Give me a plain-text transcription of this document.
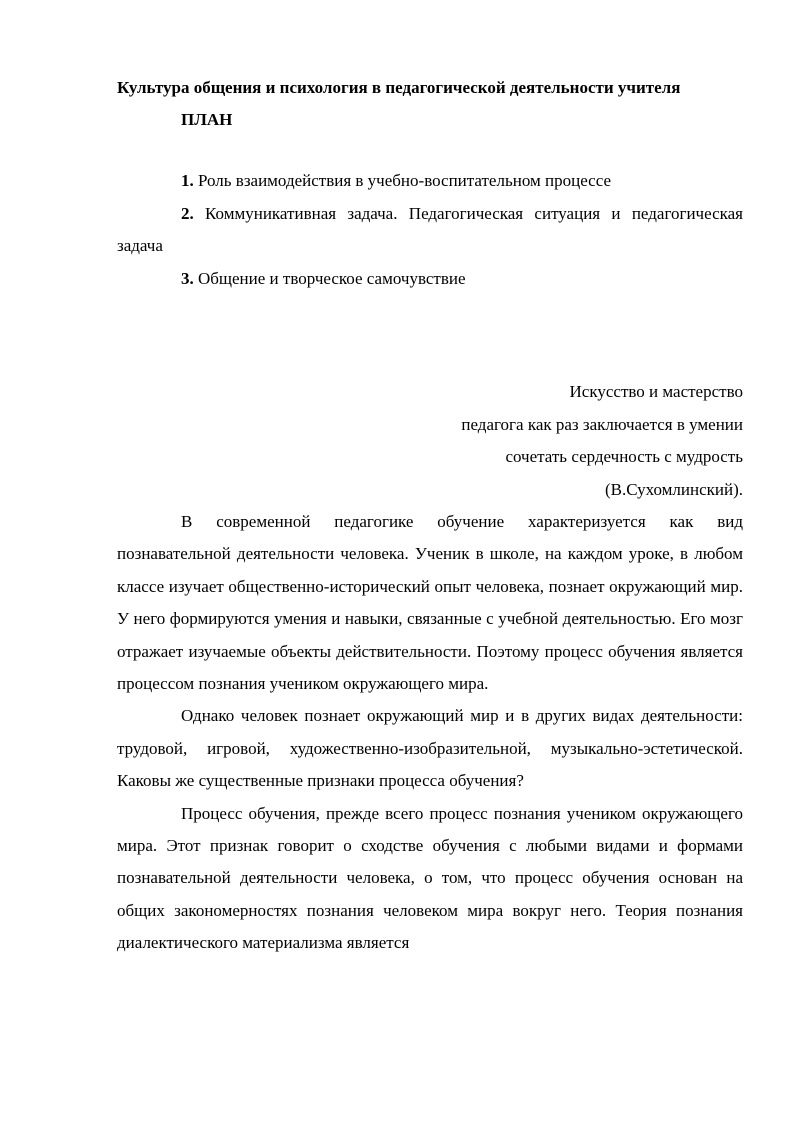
Культура общения и психология в педагогической деятельности учителя
ПЛАН
1. Роль взаимодействия в учебно-воспитательном процессе
2. Коммуникативная задача. Педагогическая ситуация и педагогическая задача
3. Общение и творческое самочувствие
Искусство и мастерство
педагога как раз заключается в умении
сочетать сердечность с мудрость
(В.Сухомлинский).

В современной педагогике обучение характеризуется как вид познавательной деятельности человека. Ученик в школе, на каждом уроке, в любом классе изучает общественно-исторический опыт человека, познает окружающий мир. У него формируются умения и навыки, связанные с учебной деятельностью. Его мозг отражает изучаемые объекты действительности. Поэтому процесс обучения является процессом познания учеником окружающего мира.

Однако человек познает окружающий мир и в других видах деятельности: трудовой, игровой, художественно-изобразительной, музыкально-эстетической. Каковы же существенные признаки процесса обучения?

Процесс обучения, прежде всего процесс познания учеником окружающего мира. Этот признак говорит о сходстве обучения с любыми видами и формами познавательной деятельности человека, о том, что процесс обучения основан на общих закономерностях познания человеком мира вокруг него. Теория познания диалектического материализма является
